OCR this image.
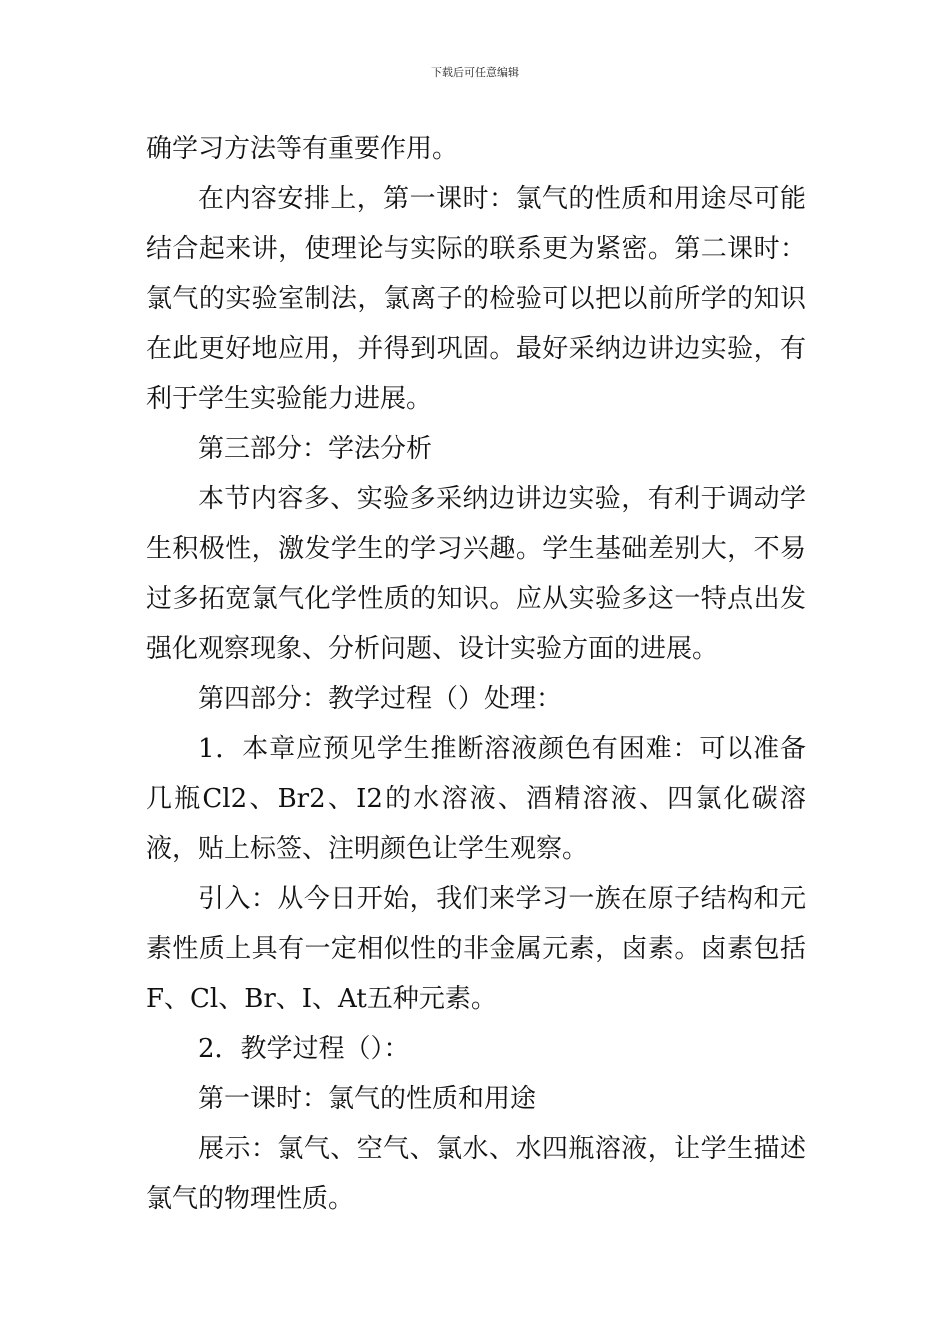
下载后可任意编辑

确学习方法等有重要作用。

在内容安排上，第一课时：氯气的性质和用途尽可能结合起来讲，使理论与实际的联系更为紧密。第二课时：氯气的实验室制法，氯离子的检验可以把以前所学的知识在此更好地应用，并得到巩固。最好采纳边讲边实验，有利于学生实验能力进展。

第三部分：学法分析

本节内容多、实验多采纳边讲边实验，有利于调动学生积极性，激发学生的学习兴趣。学生基础差别大，不易过多拓宽氯气化学性质的知识。应从实验多这一特点出发强化观察现象、分析问题、设计实验方面的进展。

第四部分：教学过程（）处理：

1．本章应预见学生推断溶液颜色有困难：可以准备几瓶Cl2、Br2、I2的水溶液、酒精溶液、四氯化碳溶液，贴上标签、注明颜色让学生观察。

引入：从今日开始，我们来学习一族在原子结构和元素性质上具有一定相似性的非金属元素，卤素。卤素包括F、Cl、Br、I、At五种元素。

2．教学过程（）：

第一课时：氯气的性质和用途

展示：氯气、空气、氯水、水四瓶溶液，让学生描述氯气的物理性质。
